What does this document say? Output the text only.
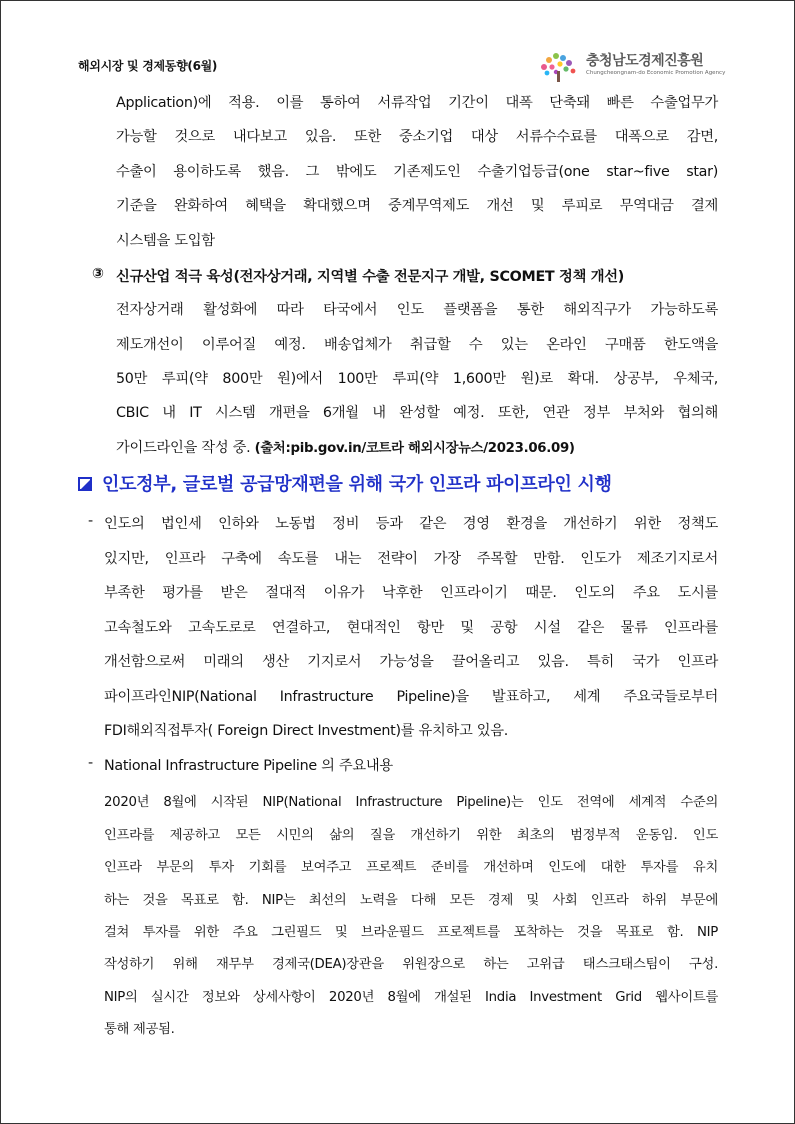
해외시장 및 경제동향(6월)	충청남도경제진흥원
Chungcheongnam-do Economic Promotion Agency
Application)에 적용. 이를 통하여 서류작업 기간이 대폭 단축돼 빠른 수출업무가
가능할 것으로 내다보고 있음. 또한 중소기업 대상 서류수수료를 대폭으로 감면,
수출이 용이하도록 했음. 그 밖에도 기존제도인 수출기업등급(one star~five star)
기준을 완화하여 혜택을 확대했으며 중계무역제도 개선 및 루피로 무역대금 결제
시스템을 도입함
③ 신규산업 적극 육성(전자상거래, 지역별 수출 전문지구 개발, SCOMET 정책 개선)
전자상거래 활성화에 따라 타국에서 인도 플랫폼을 통한 해외직구가 가능하도록
제도개선이 이루어질 예정. 배송업체가 취급할 수 있는 온라인 구매품 한도액을
50만 루피(약 800만 원)에서 100만 루피(약 1,600만 원)로 확대. 상공부, 우체국,
CBIC 내 IT 시스템 개편을 6개월 내 완성할 예정. 또한, 연관 정부 부처와 협의해
가이드라인을 작성 중. (출처:pib.gov.in/코트라 해외시장뉴스/2023.06.09)
인도정부, 글로벌 공급망재편을 위해 국가 인프라 파이프라인 시행
- 인도의 법인세 인하와 노동법 정비 등과 같은 경영 환경을 개선하기 위한 정책도
있지만, 인프라 구축에 속도를 내는 전략이 가장 주목할 만함. 인도가 제조기지로서
부족한 평가를 받은 절대적 이유가 낙후한 인프라이기 때문. 인도의 주요 도시를
고속철도와 고속도로로 연결하고, 현대적인 항만 및 공항 시설 같은 물류 인프라를
개선함으로써 미래의 생산 기지로서 가능성을 끌어올리고 있음. 특히 국가 인프라
파이프라인NIP(National Infrastructure Pipeline)을 발표하고, 세계 주요국들로부터
FDI해외직접투자( Foreign Direct Investment)를 유치하고 있음.
- National Infrastructure Pipeline 의 주요내용
2020년 8월에 시작된 NIP(National Infrastructure Pipeline)는 인도 전역에 세계적 수준의
인프라를 제공하고 모든 시민의 삶의 질을 개선하기 위한 최초의 범정부적 운동임. 인도
인프라 부문의 투자 기회를 보여주고 프로젝트 준비를 개선하며 인도에 대한 투자를 유치
하는 것을 목표로 함. NIP는 최선의 노력을 다해 모든 경제 및 사회 인프라 하위 부문에
걸쳐 투자를 위한 주요 그린필드 및 브라운필드 프로젝트를 포착하는 것을 목표로 함. NIP
작성하기 위해 재무부 경제국(DEA)장관을 위원장으로 하는 고위급 태스크태스팀이 구성.
NIP의 실시간 정보와 상세사항이 2020년 8월에 개설된 India Investment Grid 웹사이트를
통해 제공됨.
